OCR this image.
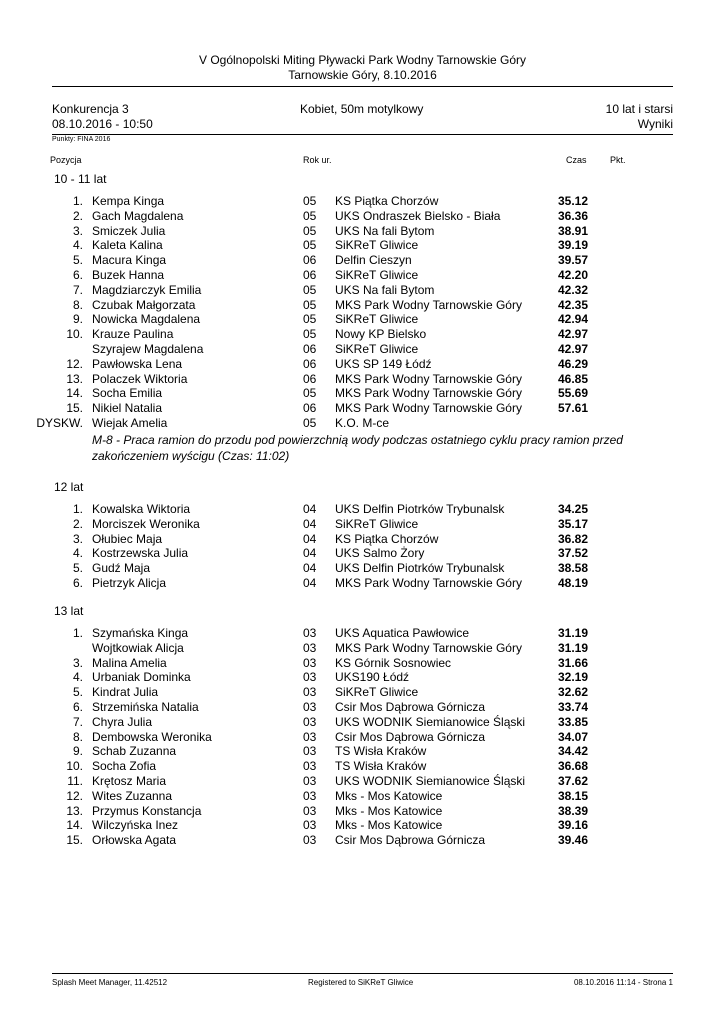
V Ogólnopolski Miting Pływacki Park Wodny Tarnowskie Góry
Tarnowskie Góry, 8.10.2016
Konkurencja 3
08.10.2016 - 10:50
Kobiet, 50m motylkowy	10 lat i starsi
Wyniki
Punkty: FINA 2016
Pozycja	Rok ur.	Czas	Pkt.
10 - 11 lat
1. Kempa Kinga	05 KS Piątka Chorzów	35.12
2. Gach Magdalena	05 UKS Ondraszek Bielsko - Biała	36.36
3. Smiczek Julia	05 UKS Na fali Bytom	38.91
4. Kaleta Kalina	05 SiKReT Gliwice	39.19
5. Macura Kinga	06 Delfin Cieszyn	39.57
6. Buzek Hanna	06 SiKReT Gliwice	42.20
7. Magdziarczyk Emilia	05 UKS Na fali Bytom	42.32
8. Czubak Małgorzata	05 MKS Park Wodny Tarnowskie Góry	42.35
9. Nowicka Magdalena	05 SiKReT Gliwice	42.94
10. Krauze Paulina	05 Nowy KP Bielsko	42.97
Szyrajew Magdalena	06 SiKReT Gliwice	42.97
12. Pawłowska Lena	06 UKS SP 149 Łódź	46.29
13. Polaczek Wiktoria	06 MKS Park Wodny Tarnowskie Góry	46.85
14. Socha Emilia	05 MKS Park Wodny Tarnowskie Góry	55.69
15. Nikiel Natalia	06 MKS Park Wodny Tarnowskie Góry	57.61
DYSKW. Wiejak Amelia	05 K.O. M-ce
M-8 - Praca ramion do przodu pod powierzchnią wody podczas ostatniego cyklu pracy ramion przed zakończeniem wyścigu (Czas: 11:02)
12 lat
1. Kowalska Wiktoria	04 UKS Delfin Piotrków Trybunalsk	34.25
2. Morciszek Weronika	04 SiKReT Gliwice	35.17
3. Ołubiec Maja	04 KS Piątka Chorzów	36.82
4. Kostrzewska Julia	04 UKS Salmo Żory	37.52
5. Gudź Maja	04 UKS Delfin Piotrków Trybunalsk	38.58
6. Pietrzyk Alicja	04 MKS Park Wodny Tarnowskie Góry	48.19
13 lat
1. Szymańska Kinga	03 UKS Aquatica Pawłowice	31.19
Wojtkowiak Alicja	03 MKS Park Wodny Tarnowskie Góry	31.19
3. Malina Amelia	03 KS Górnik Sosnowiec	31.66
4. Urbaniak Dominka	03 UKS190 Łódź	32.19
5. Kindrat Julia	03 SiKReT Gliwice	32.62
6. Strzemińska Natalia	03 Csir Mos Dąbrowa Górnicza	33.74
7. Chyra Julia	03 UKS WODNIK Siemianowice Śląski	33.85
8. Dembowska Weronika	03 Csir Mos Dąbrowa Górnicza	34.07
9. Schab Zuzanna	03 TS Wisła Kraków	34.42
10. Socha Zofia	03 TS Wisła Kraków	36.68
11. Krętosz Maria	03 UKS WODNIK Siemianowice Śląski	37.62
12. Wites Zuzanna	03 Mks - Mos Katowice	38.15
13. Przymus Konstancja	03 Mks - Mos Katowice	38.39
14. Wilczyńska Inez	03 Mks - Mos Katowice	39.16
15. Orłowska Agata	03 Csir Mos Dąbrowa Górnicza	39.46
Splash Meet Manager, 11.42512	Registered to SiKReT Gliwice	08.10.2016 11:14 - Strona 1
